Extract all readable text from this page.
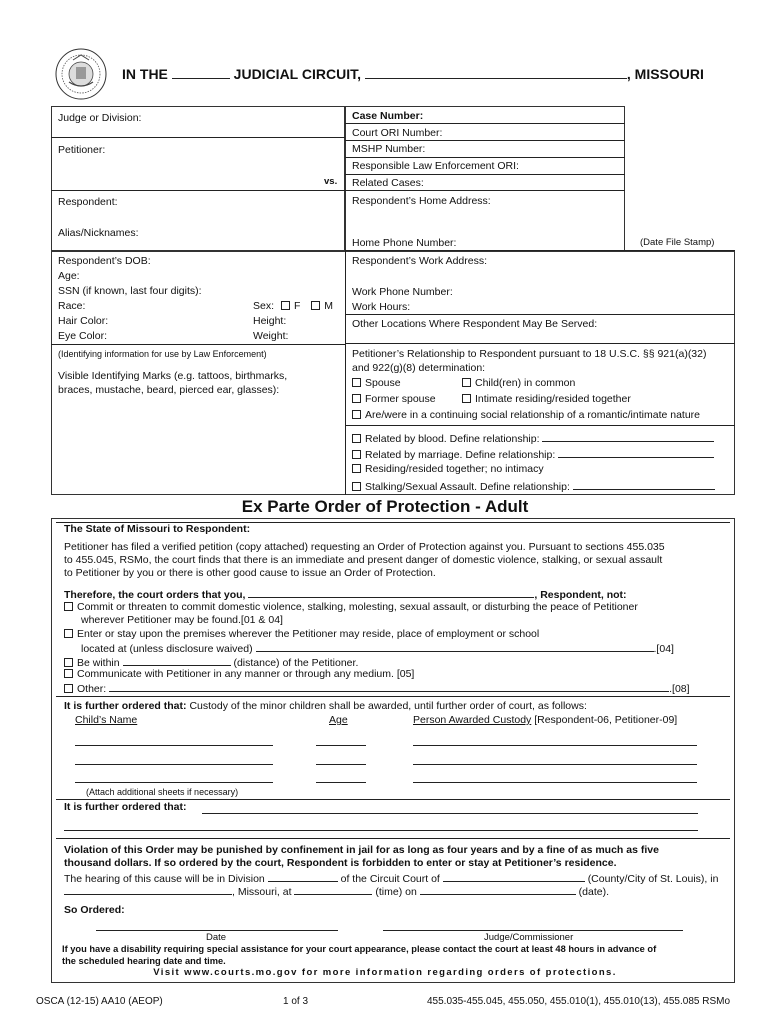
IN THE	JUDICIAL CIRCUIT,	, MISSOURI
Judge or Division:
Petitioner:
vs.
Respondent:
Alias/Nicknames:
Case Number:
Court ORI Number:
MSHP Number:
Responsible Law Enforcement ORI:
Related Cases:
Respondent’s Home Address:
Home Phone Number:	(Date File Stamp)
Respondent’s DOB:
Age:
SSN (if known, last four digits):
Race:	Sex: F M
Hair Color:	Height:
Eye Color:	Weight:
(Identifying information for use by Law Enforcement)
Visible Identifying Marks (e.g. tattoos, birthmarks,
braces, mustache, beard, pierced ear, glasses):
Respondent’s Work Address:
Work Phone Number:
Work Hours:
Other Locations Where Respondent May Be Served:
Petitioner’s Relationship to Respondent pursuant to 18 U.S.C. §§ 921(a)(32)
and 922(g)(8) determination:
Spouse	Child(ren) in common
Former spouse	Intimate residing/resided together
Are/were in a continuing social relationship of a romantic/intimate nature
Related by blood. Define relationship:
Related by marriage. Define relationship:
Residing/resided together; no intimacy
Stalking/Sexual Assault. Define relationship:
Ex Parte Order of Protection - Adult
The State of Missouri to Respondent:
Petitioner has filed a verified petition (copy attached) requesting an Order of Protection against you. Pursuant to sections 455.035
to 455.045, RSMo, the court finds that there is an immediate and present danger of domestic violence, stalking, or sexual assault
to Petitioner by you or there is other good cause to issue an Order of Protection.
Therefore, the court orders that you,	, Respondent, not:
Commit or threaten to commit domestic violence, stalking, molesting, sexual assault, or disturbing the peace of Petitioner
wherever Petitioner may be found.[01 & 04]
Enter or stay upon the premises wherever the Petitioner may reside, place of employment or school
located at (unless disclosure waived)	.[04]
Be within	(distance) of the Petitioner.
Communicate with Petitioner in any manner or through any medium. [05]
Other:	.[08]
It is further ordered that: Custody of the minor children shall be awarded, until further order of court, as follows:
Child’s Name	Age	Person Awarded Custody [Respondent-06, Petitioner-09]
(Attach additional sheets if necessary)
It is further ordered that:
Violation of this Order may be punished by confinement in jail for as long as four years and by a fine of as much as five
thousand dollars. If so ordered by the court, Respondent is forbidden to enter or stay at Petitioner’s residence.
The hearing of this cause will be in Division	of the Circuit Court of	(County/City of St. Louis), in
, Missouri, at	(time) on	(date).
So Ordered:
Date	Judge/Commissioner
If you have a disability requiring special assistance for your court appearance, please contact the court at least 48 hours in advance of
the scheduled hearing date and time.
Visit www.courts.mo.gov for more information regarding orders of protections.
OSCA (12-15) AA10 (AEOP)	1 of 3	455.035-455.045, 455.050, 455.010(1), 455.010(13), 455.085 RSMo
